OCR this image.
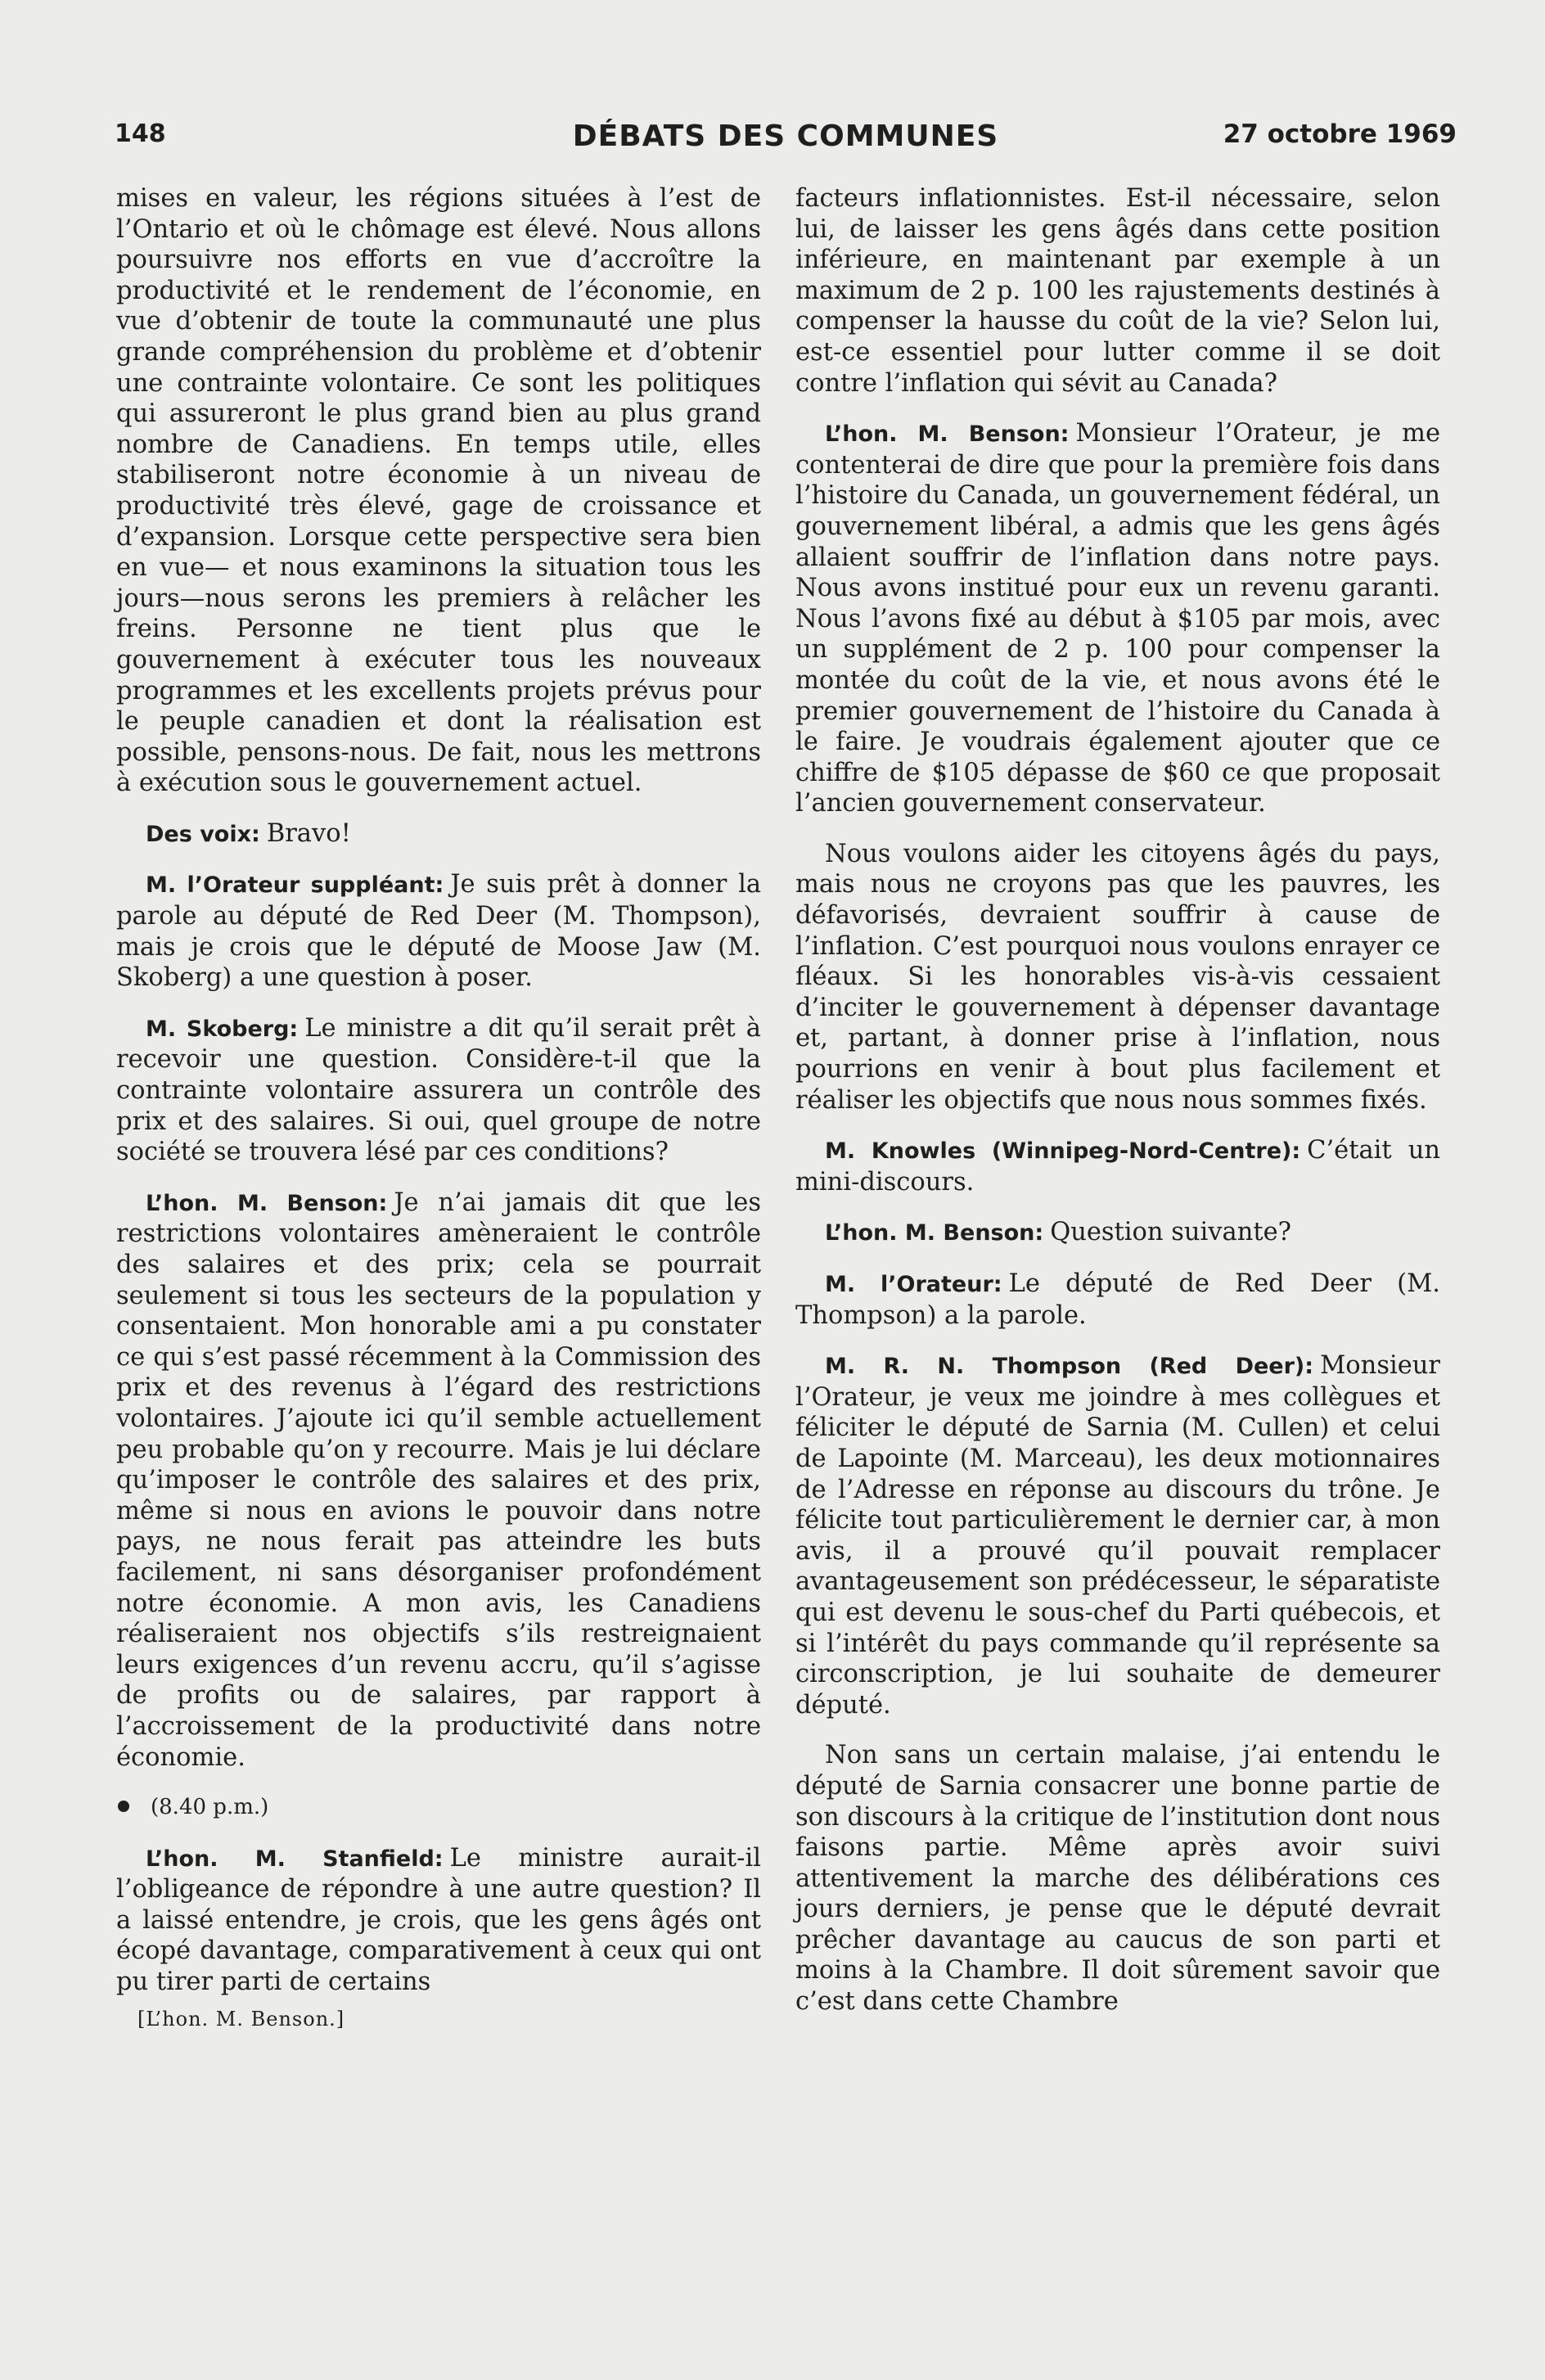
148	DÉBATS DES COMMUNES	27 octobre 1969

mises en valeur, les régions situées à l’est de l’Ontario et où le chômage est élevé. Nous allons poursuivre nos efforts en vue d’accroître la productivité et le rendement de l’économie, en vue d’obtenir de toute la communauté une plus grande compréhension du problème et d’obtenir une contrainte volontaire. Ce sont les politiques qui assureront le plus grand bien au plus grand nombre de Canadiens. En temps utile, elles stabiliseront notre économie à un niveau de productivité très élevé, gage de croissance et d’expansion. Lorsque cette perspective sera bien en vue— et nous examinons la situation tous les jours—nous serons les premiers à relâcher les freins. Personne ne tient plus que le gouvernement à exécuter tous les nouveaux programmes et les excellents projets prévus pour le peuple canadien et dont la réalisation est possible, pensons-nous. De fait, nous les mettrons à exécution sous le gouvernement actuel.

Des voix: Bravo!

M. l’Orateur suppléant: Je suis prêt à donner la parole au député de Red Deer (M. Thompson), mais je crois que le député de Moose Jaw (M. Skoberg) a une question à poser.

M. Skoberg: Le ministre a dit qu’il serait prêt à recevoir une question. Considère-t-il que la contrainte volontaire assurera un contrôle des prix et des salaires. Si oui, quel groupe de notre société se trouvera lésé par ces conditions?

L’hon. M. Benson: Je n’ai jamais dit que les restrictions volontaires amèneraient le contrôle des salaires et des prix; cela se pourrait seulement si tous les secteurs de la population y consentaient. Mon honorable ami a pu constater ce qui s’est passé récemment à la Commission des prix et des revenus à l’égard des restrictions volontaires. J’ajoute ici qu’il semble actuellement peu probable qu’on y recourre. Mais je lui déclare qu’imposer le contrôle des salaires et des prix, même si nous en avions le pouvoir dans notre pays, ne nous ferait pas atteindre les buts facilement, ni sans désorganiser profondément notre économie. A mon avis, les Canadiens réaliseraient nos objectifs s’ils restreignaient leurs exigences d’un revenu accru, qu’il s’agisse de profits ou de salaires, par rapport à l’accroissement de la productivité dans notre économie.

(8.40 p.m.)

L’hon. M. Stanfield: Le ministre aurait-il l’obligeance de répondre à une autre question? Il a laissé entendre, je crois, que les gens âgés ont écopé davantage, comparativement à ceux qui ont pu tirer parti de certains

[L’hon. M. Benson.]

facteurs inflationnistes. Est-il nécessaire, selon lui, de laisser les gens âgés dans cette position inférieure, en maintenant par exemple à un maximum de 2 p. 100 les rajustements destinés à compenser la hausse du coût de la vie? Selon lui, est-ce essentiel pour lutter comme il se doit contre l’inflation qui sévit au Canada?

L’hon. M. Benson: Monsieur l’Orateur, je me contenterai de dire que pour la première fois dans l’histoire du Canada, un gouvernement fédéral, un gouvernement libéral, a admis que les gens âgés allaient souffrir de l’inflation dans notre pays. Nous avons institué pour eux un revenu garanti. Nous l’avons fixé au début à $105 par mois, avec un supplément de 2 p. 100 pour compenser la montée du coût de la vie, et nous avons été le premier gouvernement de l’histoire du Canada à le faire. Je voudrais également ajouter que ce chiffre de $105 dépasse de $60 ce que proposait l’ancien gouvernement conservateur.

Nous voulons aider les citoyens âgés du pays, mais nous ne croyons pas que les pauvres, les défavorisés, devraient souffrir à cause de l’inflation. C’est pourquoi nous voulons enrayer ce fléaux. Si les honorables vis-à-vis cessaient d’inciter le gouvernement à dépenser davantage et, partant, à donner prise à l’inflation, nous pourrions en venir à bout plus facilement et réaliser les objectifs que nous nous sommes fixés.

M. Knowles (Winnipeg-Nord-Centre): C’était un mini-discours.

L’hon. M. Benson: Question suivante?

M. l’Orateur: Le député de Red Deer (M. Thompson) a la parole.

M. R. N. Thompson (Red Deer): Monsieur l’Orateur, je veux me joindre à mes collègues et féliciter le député de Sarnia (M. Cullen) et celui de Lapointe (M. Marceau), les deux motionnaires de l’Adresse en réponse au discours du trône. Je félicite tout particulièrement le dernier car, à mon avis, il a prouvé qu’il pouvait remplacer avantageusement son prédécesseur, le séparatiste qui est devenu le sous-chef du Parti québecois, et si l’intérêt du pays commande qu’il représente sa circonscription, je lui souhaite de demeurer député.

Non sans un certain malaise, j’ai entendu le député de Sarnia consacrer une bonne partie de son discours à la critique de l’institution dont nous faisons partie. Même après avoir suivi attentivement la marche des délibérations ces jours derniers, je pense que le député devrait prêcher davantage au caucus de son parti et moins à la Chambre. Il doit sûrement savoir que c’est dans cette Chambre
